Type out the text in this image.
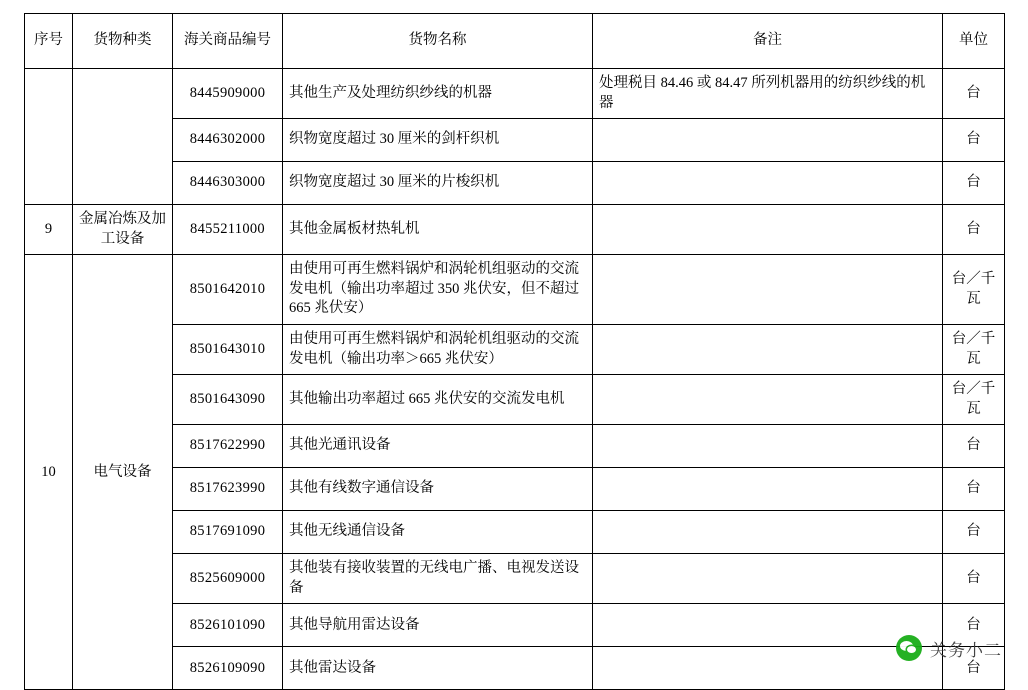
序号	货物种类	海关商品编号	货物名称	备注	单位
		8445909000	其他生产及处理纺织纱线的机器	处理税目 84.46 或 84.47 所列机器用的纺织纱线的机器	台
		8446302000	织物宽度超过 30 厘米的剑杆织机		台
		8446303000	织物宽度超过 30 厘米的片梭织机		台
9	金属冶炼及加工设备	8455211000	其他金属板材热轧机		台
10	电气设备	8501642010	由使用可再生燃料锅炉和涡轮机组驱动的交流发电机（输出功率超过 350 兆伏安，但不超过 665 兆伏安）		台／千瓦
		8501643010	由使用可再生燃料锅炉和涡轮机组驱动的交流发电机（输出功率＞665 兆伏安）		台／千瓦
		8501643090	其他输出功率超过 665 兆伏安的交流发电机		台／千瓦
		8517622990	其他光通讯设备		台
		8517623990	其他有线数字通信设备		台
		8517691090	其他无线通信设备		台
		8525609000	其他装有接收装置的无线电广播、电视发送设备		台
		8526101090	其他导航用雷达设备		台
		8526109090	其他雷达设备		台
关务小二
